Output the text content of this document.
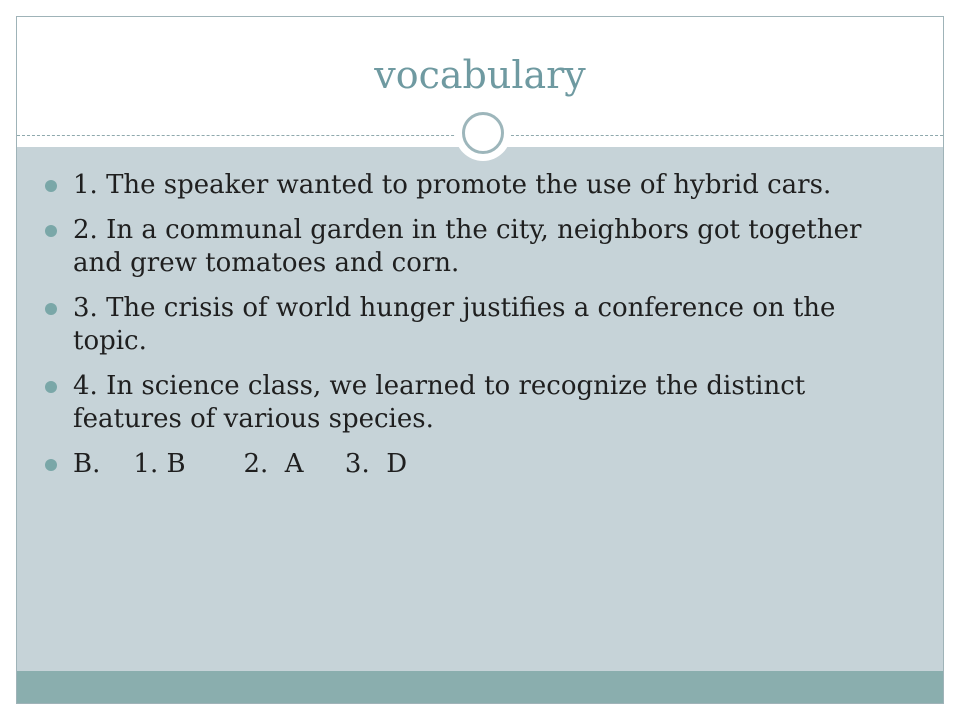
vocabulary
1. The speaker wanted to promote the use of hybrid cars.
2. In a communal garden in the city, neighbors got together and grew tomatoes and corn.
3. The crisis of world hunger justifies a conference on the topic.
4. In science class, we learned to recognize the distinct features of various species.
B.    1. B       2.  A     3.  D
